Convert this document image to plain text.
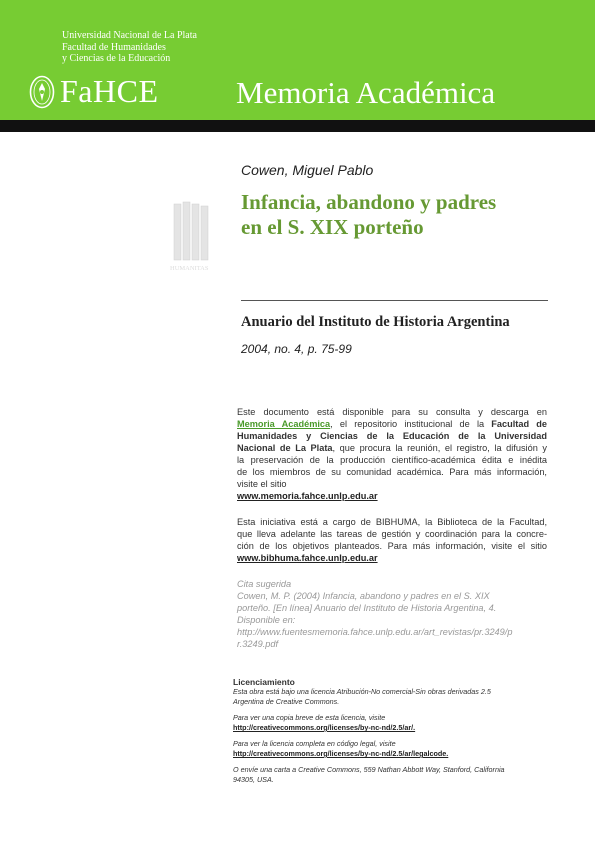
Universidad Nacional de La Plata
Facultad de Humanidades
y Ciencias de la Educación
FaHCE	Memoria Académica
HUMANITAS
Cowen, Miguel Pablo
Infancia, abandono y padres
en el S. XIX porteño
Anuario del Instituto de Historia Argentina
2004, no. 4, p. 75-99
Este documento está disponible para su consulta y descarga en
Memoria Académica, el repositorio institucional de la Facultad de
Humanidades y Ciencias de la Educación de la Universidad
Nacional de La Plata, que procura la reunión, el registro, la difusión y
la preservación de la producción científico-académica édita e inédita
de los miembros de su comunidad académica. Para más información,
visite el sitio
www.memoria.fahce.unlp.edu.ar
Esta iniciativa está a cargo de BIBHUMA, la Biblioteca de la Facultad,
que lleva adelante las tareas de gestión y coordinación para la concre-
ción de los objetivos planteados. Para más información, visite el sitio
www.bibhuma.fahce.unlp.edu.ar
Cita sugerida
Cowen, M. P. (2004) Infancia, abandono y padres en el S. XIX
porteño. [En línea] Anuario del Instituto de Historia Argentina, 4.
Disponible en:
http://www.fuentesmemoria.fahce.unlp.edu.ar/art_revistas/pr.3249/p
r.3249.pdf
Licenciamiento
Esta obra está bajo una licencia Atribución-No comercial-Sin obras derivadas 2.5
Argentina de Creative Commons.
Para ver una copia breve de esta licencia, visite
http://creativecommons.org/licenses/by-nc-nd/2.5/ar/.
Para ver la licencia completa en código legal, visite
http://creativecommons.org/licenses/by-nc-nd/2.5/ar/legalcode.
O envíe una carta a Creative Commons, 559 Nathan Abbott Way, Stanford, California
94305, USA.
